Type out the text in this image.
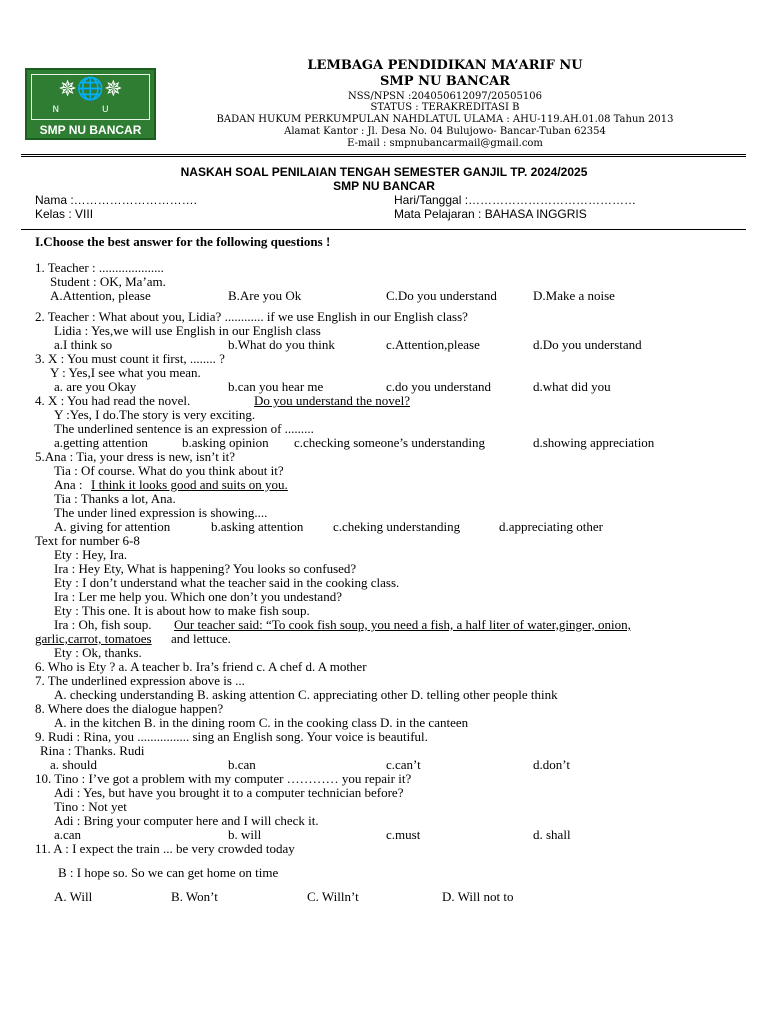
✵🌐✵
N U
SMP NU BANCAR
LEMBAGA PENDIDIKAN MA’ARIF NU
SMP NU BANCAR
NSS/NPSN :204050612097/20505106
STATUS : TERAKREDITASI B
BADAN HUKUM PERKUMPULAN NAHDLATUL ULAMA : AHU-119.AH.01.08 Tahun 2013
Alamat Kantor : Jl. Desa No. 04 Bulujowo- Bancar-Tuban 62354
E-mail : smpnubancarmail@gmail.com
NASKAH SOAL PENILAIAN TENGAH SEMESTER GANJIL TP. 2024/2025
SMP NU BANCAR
Nama :………………………….
Kelas : VIII
Hari/Tanggal :……………………………………
Mata Pelajaran : BAHASA INGGRIS
I.Choose the best answer for the following questions !
1. Teacher : ....................
Student : OK, Ma’am.
A.Attention, please	B.Are you Ok	C.Do you understand	D.Make a noise
2. Teacher : What about you, Lidia? ............ if we use English in our English class?
Lidia : Yes,we will use English in our English class
a.I think so	b.What do you think	c.Attention,please	d.Do you understand
3. X : You must count it first, ........ ?
Y : Yes,I see what you mean.
a. are you Okay	b.can you hear me	c.do you understand	d.what did you
4. X : You had read the novel.	Do you understand the novel?
Y :Yes, I do.The story is very exciting.
The underlined sentence is an expression of .........
a.getting attention	b.asking opinion c.checking someone’s understanding	d.showing appreciation
5.Ana : Tia, your dress is new, isn’t it?
Tia : Of course. What do you think about it?
Ana : I think it looks good and suits on you.
Tia : Thanks a lot, Ana.
The under lined expression is showing....
A. giving for attention	b.asking attention c.cheking understanding	d.appreciating other
Text for number 6-8
Ety : Hey, Ira.
Ira : Hey Ety, What is happening? You looks so confused?
Ety : I don’t understand what the teacher said in the cooking class.
Ira : Ler me help you. Which one don’t you undestand?
Ety : This one. It is about how to make fish soup.
Ira : Oh, fish soup. Our teacher said: “To cook fish soup, you need a fish, a half liter of water,ginger, onion,
garlic,carrot, tomatoes and lettuce.
Ety : Ok, thanks.
6. Who is Ety ? a. A teacher b. Ira’s friend c. A chef d. A mother
7. The underlined expression above is ...
A. checking understanding B. asking attention C. appreciating other D. telling other people think
8. Where does the dialogue happen?
A. in the kitchen B. in the dining room C. in the cooking class D. in the canteen
9. Rudi : Rina, you ................ sing an English song. Your voice is beautiful.
Rina : Thanks. Rudi
a. should	b.can	c.can’t	d.don’t
10. Tino : I’ve got a problem with my computer ………… you repair it?
Adi : Yes, but have you brought it to a computer technician before?
Tino : Not yet
Adi : Bring your computer here and I will check it.
a.can	b. will	c.must	d. shall
11. A : I expect the train ... be very crowded today
B : I hope so. So we can get home on time
A. Will	B. Won’t	C. Willn’t	D. Will not to
